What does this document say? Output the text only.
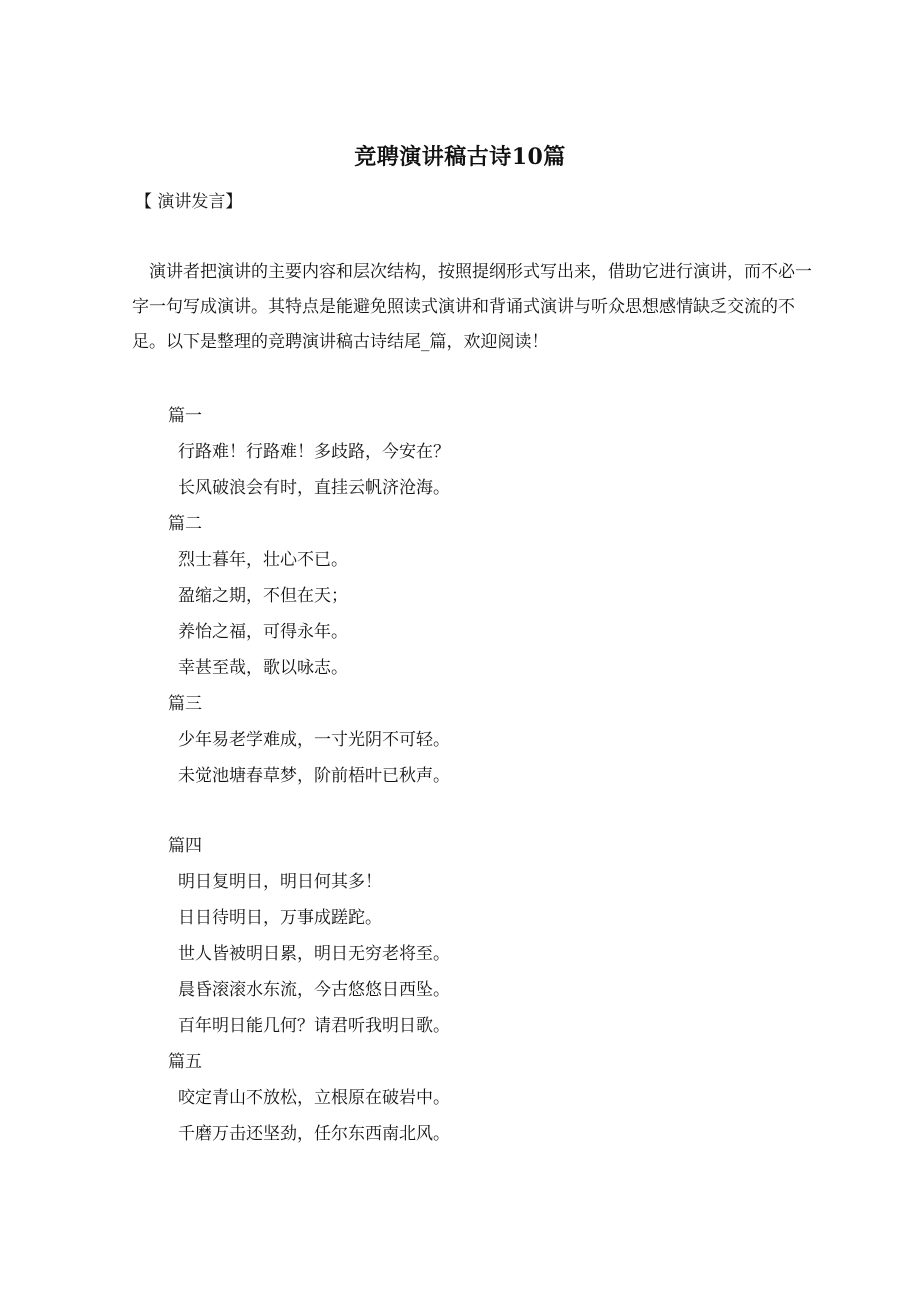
竞聘演讲稿古诗10篇
【 演讲发言】
演讲者把演讲的主要内容和层次结构，按照提纲形式写出来，借助它进行演讲，而不必一字一句写成演讲。其特点是能避免照读式演讲和背诵式演讲与听众思想感情缺乏交流的不足。以下是整理的竞聘演讲稿古诗结尾_篇，欢迎阅读！
篇一
行路难！行路难！多歧路，今安在？
长风破浪会有时，直挂云帆济沧海。
篇二
烈士暮年，壮心不已。
盈缩之期，不但在天；
养怡之福，可得永年。
幸甚至哉，歌以咏志。
篇三
少年易老学难成，一寸光阴不可轻。
未觉池塘春草梦，阶前梧叶已秋声。
篇四
明日复明日，明日何其多！
日日待明日，万事成蹉跎。
世人皆被明日累，明日无穷老将至。
晨昏滚滚水东流，今古悠悠日西坠。
百年明日能几何？请君听我明日歌。
篇五
咬定青山不放松，立根原在破岩中。
千磨万击还坚劲，任尔东西南北风。
